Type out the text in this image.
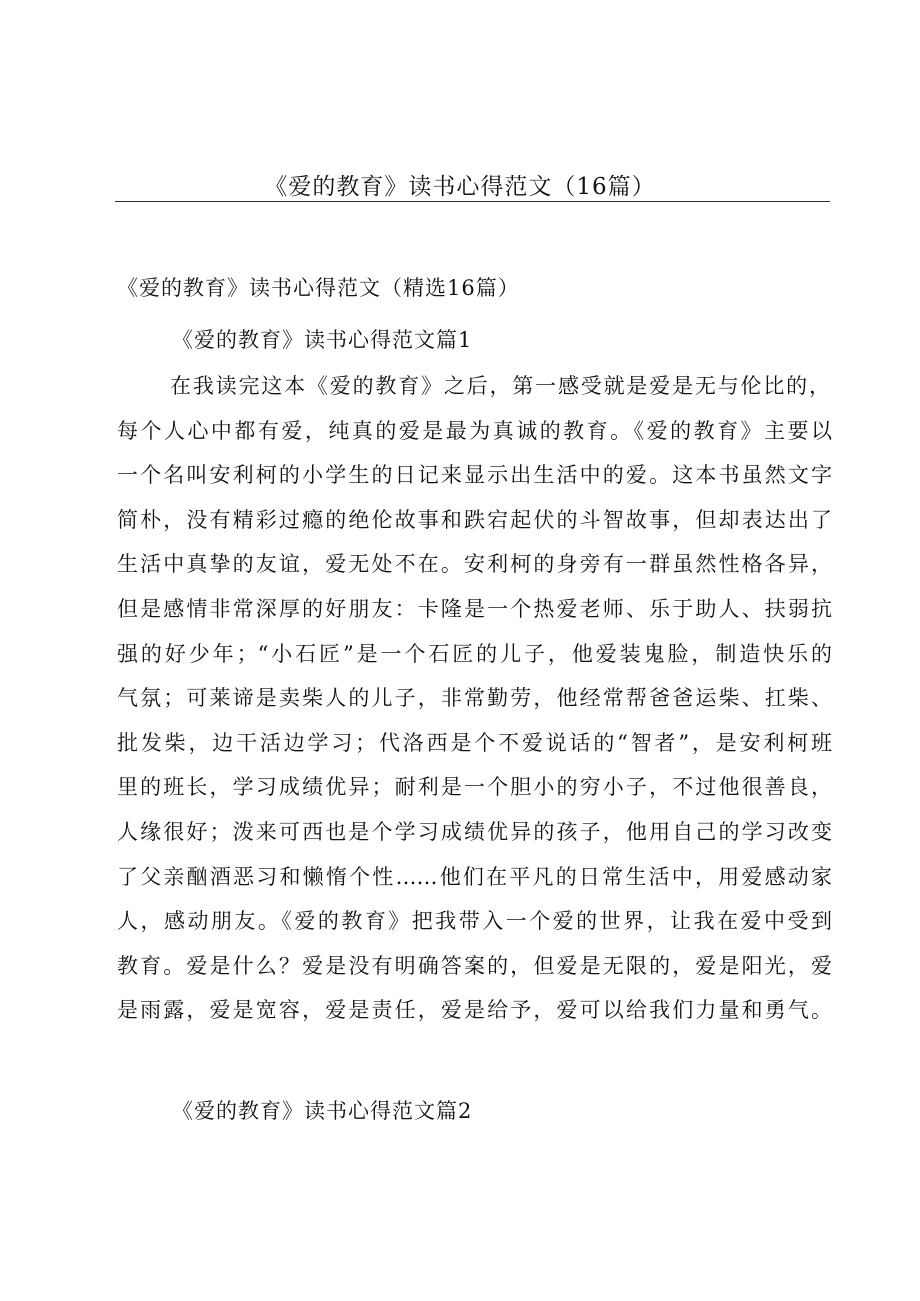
《爱的教育》读书心得范文（16篇）
《爱的教育》读书心得范文（精选16篇）
《爱的教育》读书心得范文篇1
在我读完这本《爱的教育》之后，第一感受就是爱是无与伦比的，
每个人心中都有爱，纯真的爱是最为真诚的教育。《爱的教育》主要以
一个名叫安利柯的小学生的日记来显示出生活中的爱。这本书虽然文字
简朴，没有精彩过瘾的绝伦故事和跌宕起伏的斗智故事，但却表达出了
生活中真挚的友谊，爱无处不在。安利柯的身旁有一群虽然性格各异，
但是感情非常深厚的好朋友：卡隆是一个热爱老师、乐于助人、扶弱抗
强的好少年；“小石匠”是一个石匠的儿子，他爱装鬼脸，制造快乐的
气氛；可莱谛是卖柴人的儿子，非常勤劳，他经常帮爸爸运柴、扛柴、
批发柴，边干活边学习；代洛西是个不爱说话的“智者”，是安利柯班
里的班长，学习成绩优异；耐利是一个胆小的穷小子，不过他很善良，
人缘很好；泼来可西也是个学习成绩优异的孩子，他用自己的学习改变
了父亲酗酒恶习和懒惰个性……他们在平凡的日常生活中，用爱感动家
人，感动朋友。《爱的教育》把我带入一个爱的世界，让我在爱中受到
教育。爱是什么？爱是没有明确答案的，但爱是无限的，爱是阳光，爱
是雨露，爱是宽容，爱是责任，爱是给予，爱可以给我们力量和勇气。
《爱的教育》读书心得范文篇2
